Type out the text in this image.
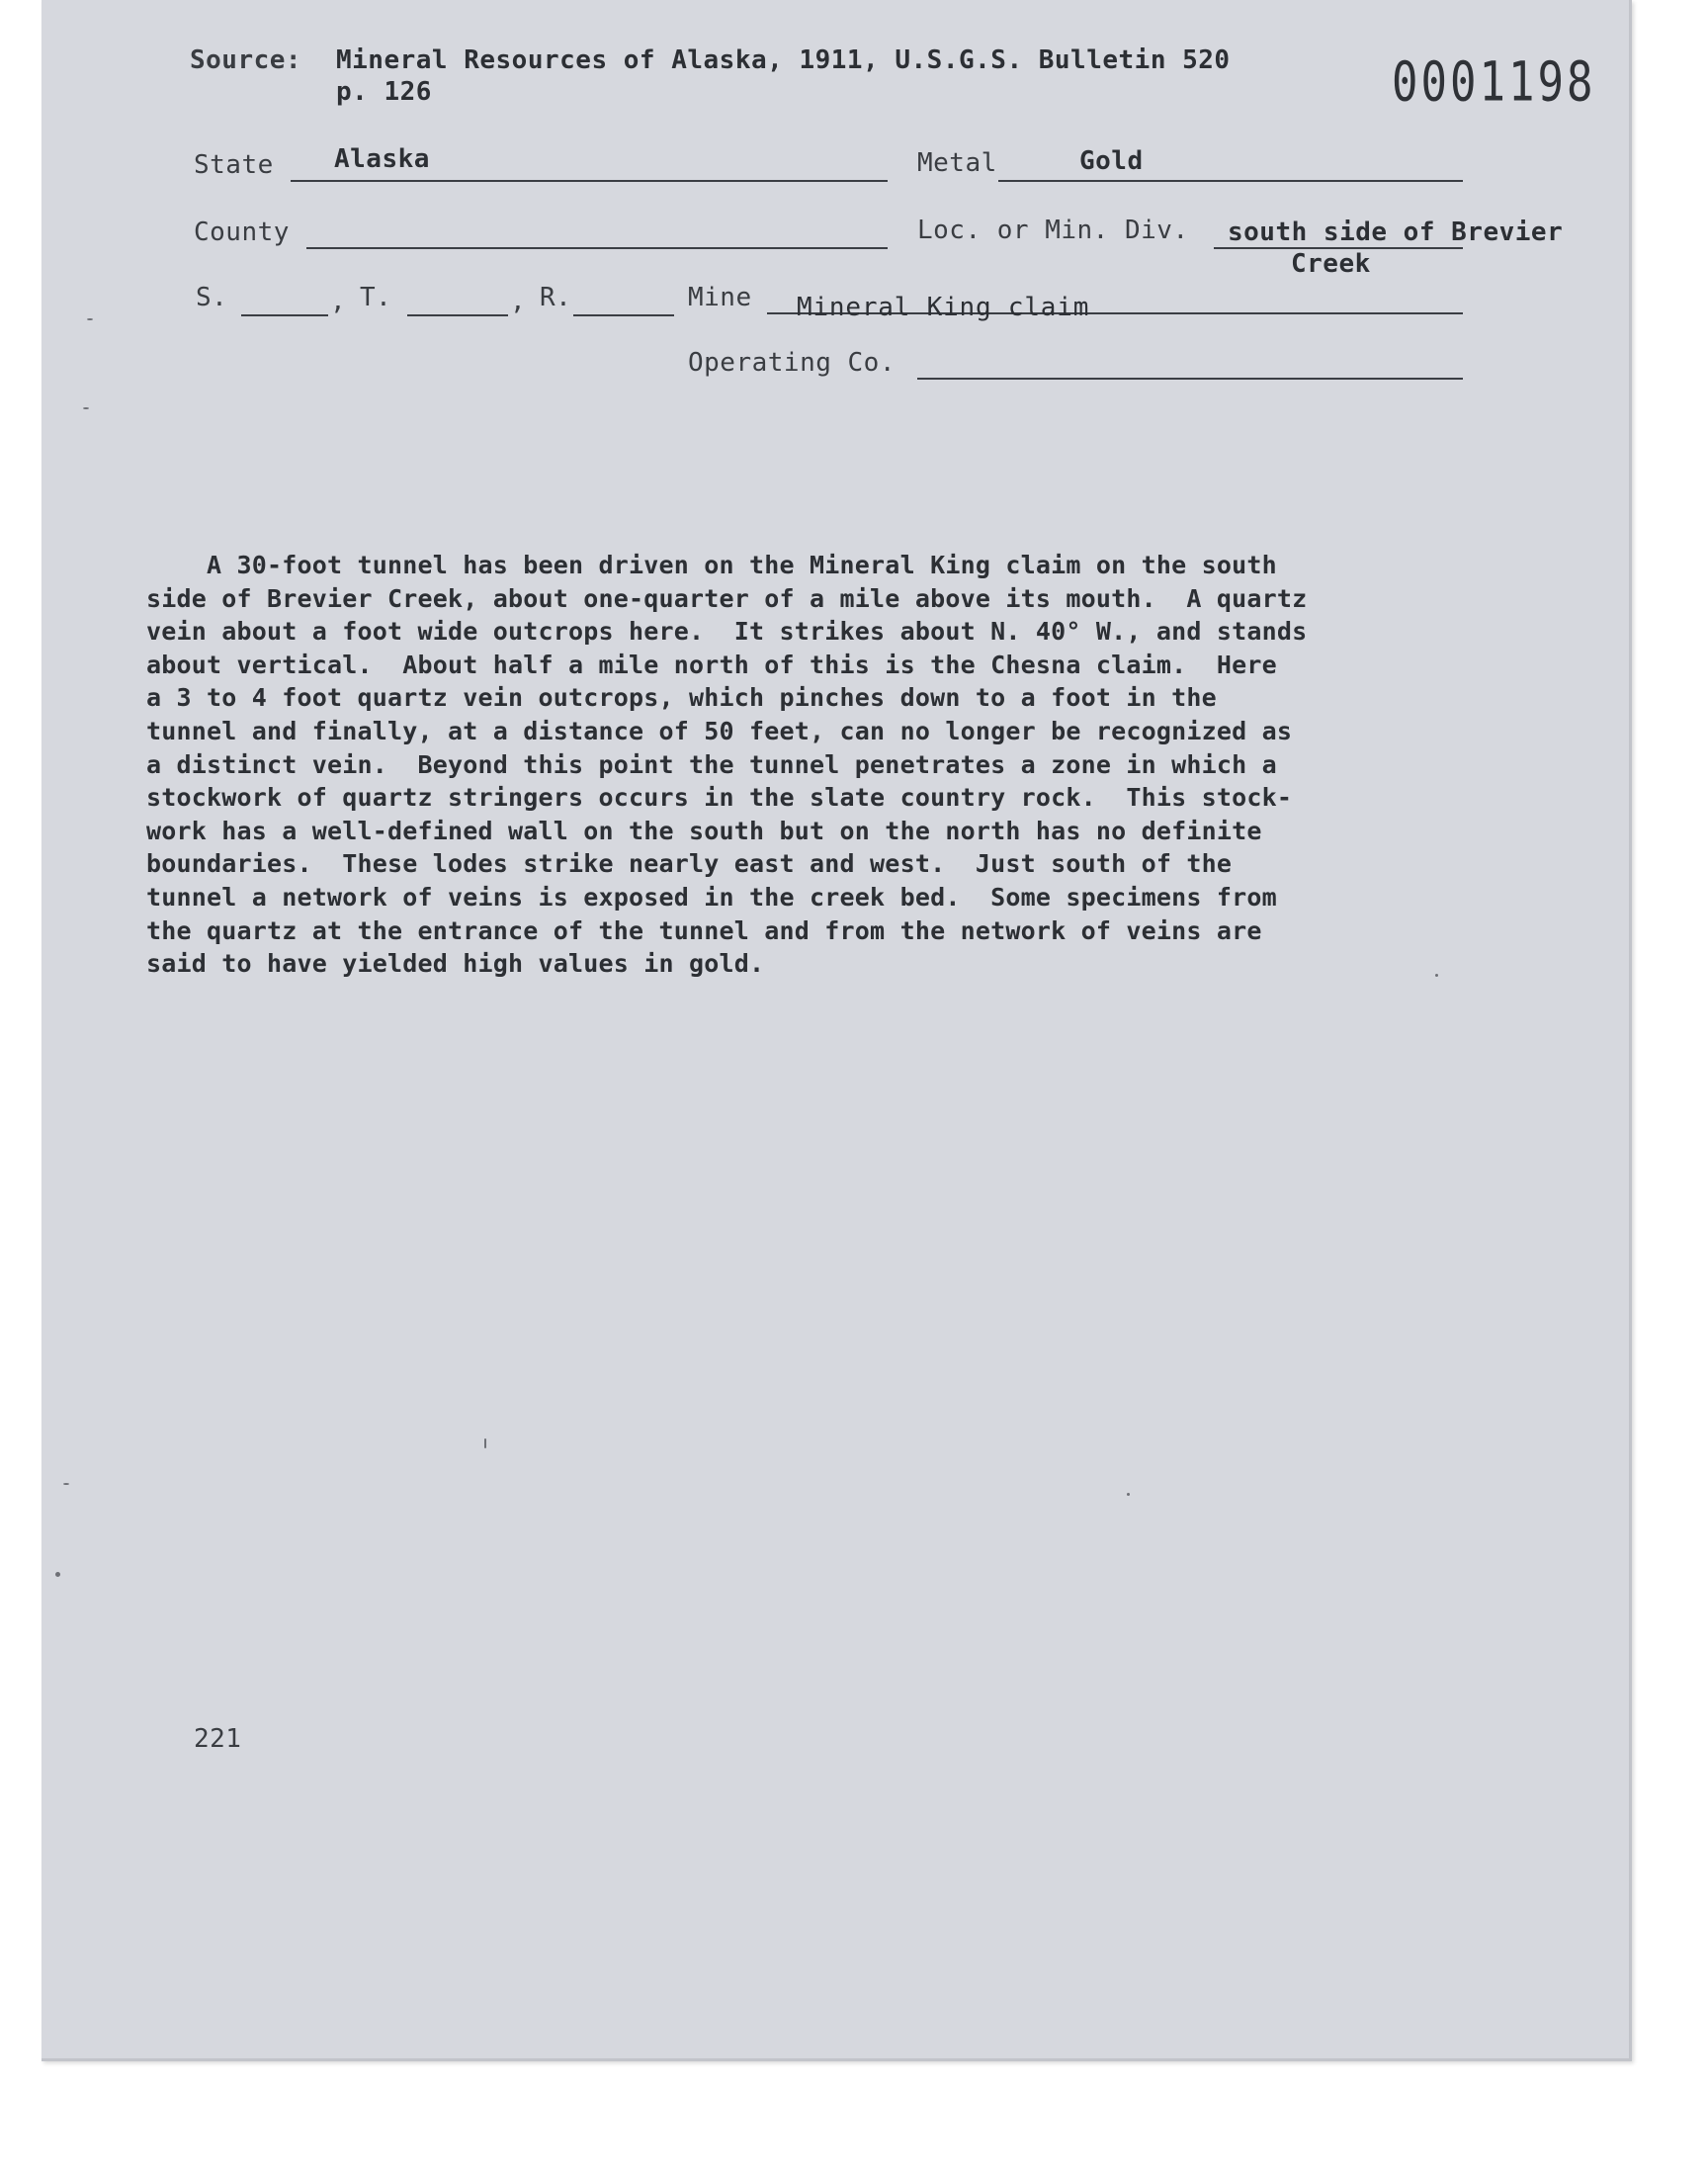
Source: Mineral Resources of Alaska, 1911, U.S.G.S. Bulletin 520
p. 126	0001198
State Alaska	Metal	Gold
County	Loc. or Min. Div. south side of Brevier
Creek
S.	, T.	, R.	Mine Mineral King claim
Operating Co.
A 30-foot tunnel has been driven on the Mineral King claim on the south
side of Brevier Creek, about one-quarter of a mile above its mouth.  A quartz
vein about a foot wide outcrops here.  It strikes about N. 40° W., and stands
about vertical.  About half a mile north of this is the Chesna claim.  Here
a 3 to 4 foot quartz vein outcrops, which pinches down to a foot in the
tunnel and finally, at a distance of 50 feet, can no longer be recognized as
a distinct vein.  Beyond this point the tunnel penetrates a zone in which a
stockwork of quartz stringers occurs in the slate country rock.  This stock-
work has a well-defined wall on the south but on the north has no definite
boundaries.  These lodes strike nearly east and west.  Just south of the
tunnel a network of veins is exposed in the creek bed.  Some specimens from
the quartz at the entrance of the tunnel and from the network of veins are
said to have yielded high values in gold.
221
